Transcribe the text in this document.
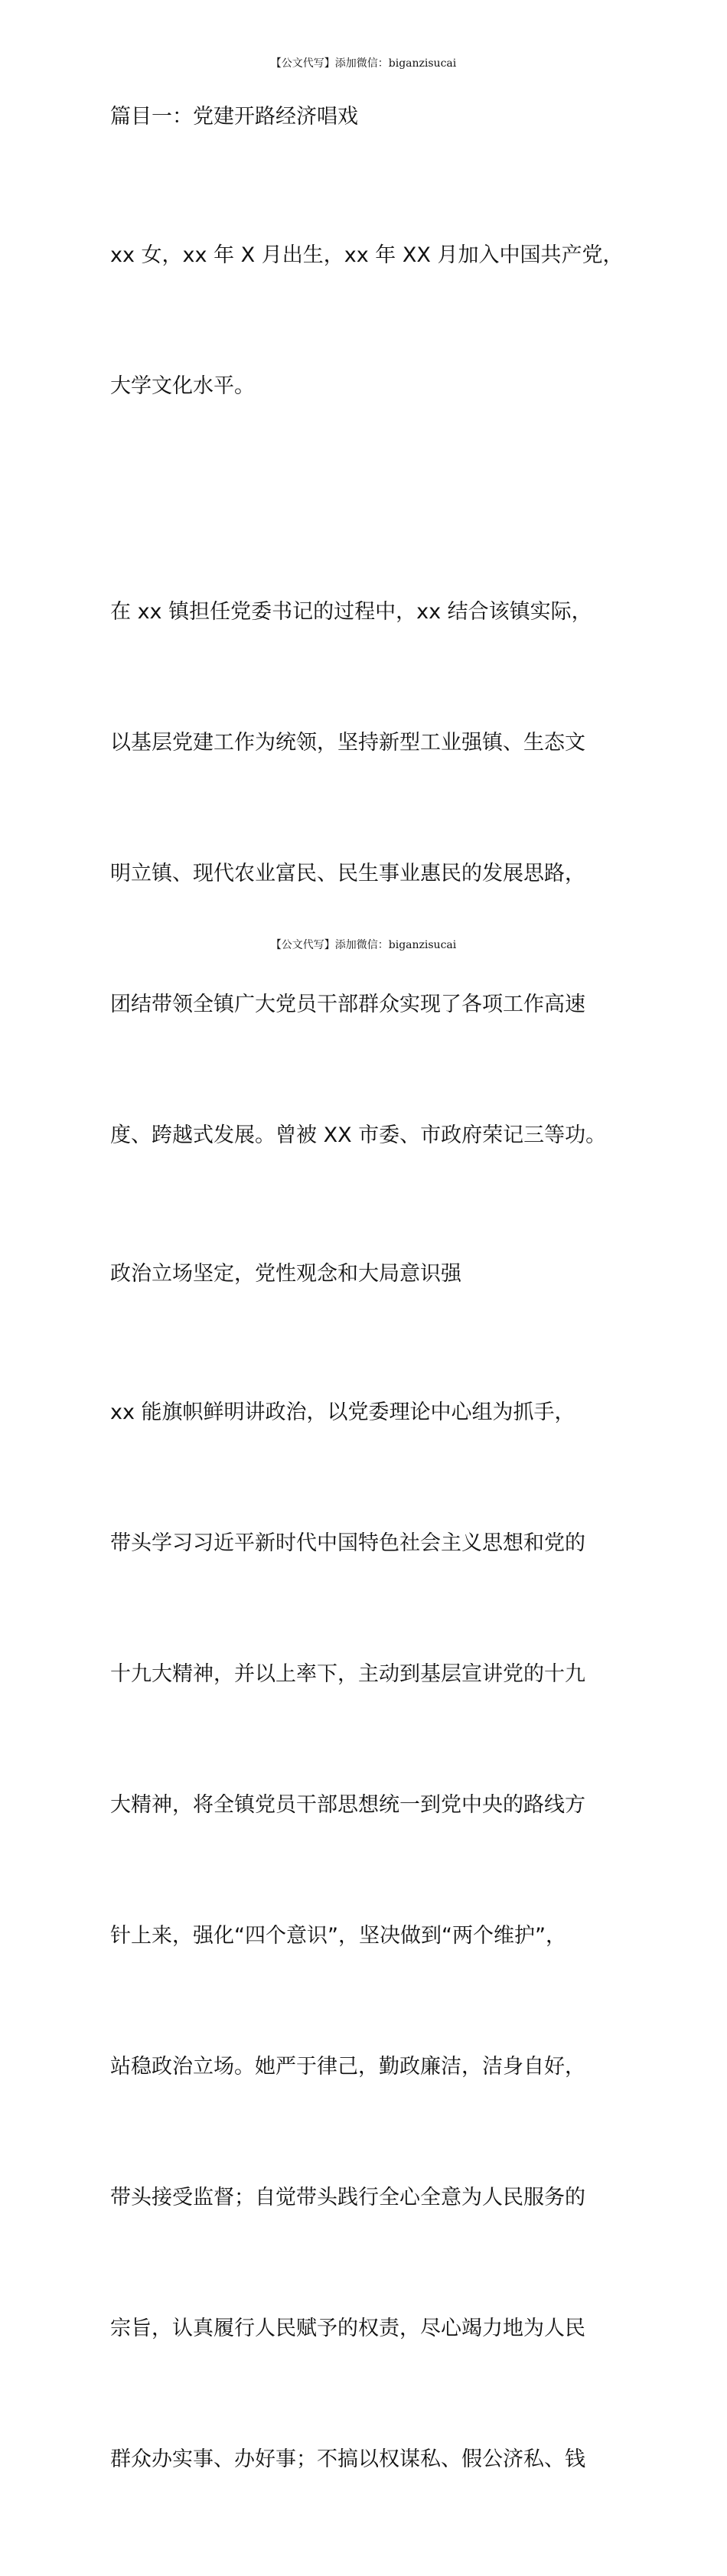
【公文代写】添加微信：biganzisucai

篇目一：党建开路经济唱戏

xx 女，xx 年 X 月出生，xx 年 XX 月加入中国共产党，

大学文化水平。

在 xx 镇担任党委书记的过程中，xx 结合该镇实际，

以基层党建工作为统领，坚持新型工业强镇、生态文

明立镇、现代农业富民、民生事业惠民的发展思路，

团结带领全镇广大党员干部群众实现了各项工作高速

度、跨越式发展。曾被 XX 市委、市政府荣记三等功。

政治立场坚定，党性观念和大局意识强

xx 能旗帜鲜明讲政治，以党委理论中心组为抓手，

带头学习习近平新时代中国特色社会主义思想和党的

十九大精神，并以上率下，主动到基层宣讲党的十九

大精神，将全镇党员干部思想统一到党中央的路线方

针上来，强化“四个意识”，坚决做到“两个维护”，

站稳政治立场。她严于律己，勤政廉洁，洁身自好，

带头接受监督；自觉带头践行全心全意为人民服务的

宗旨，认真履行人民赋予的权责，尽心竭力地为人民

群众办实事、办好事；不搞以权谋私、假公济私、钱

【公文代写】添加微信：biganzisucai
